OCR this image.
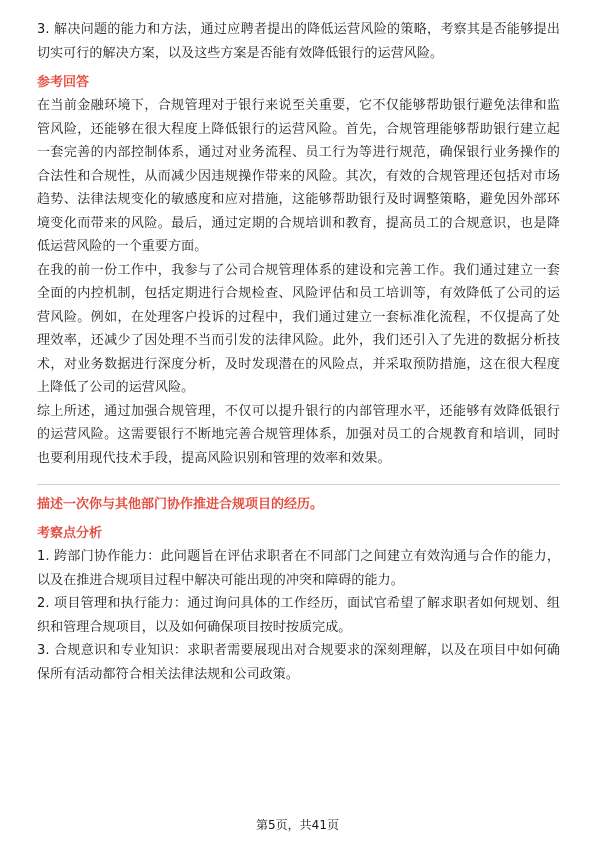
3. 解决问题的能力和方法，通过应聘者提出的降低运营风险的策略，考察其是否能够提出切实可行的解决方案，以及这些方案是否能有效降低银行的运营风险。

参考回答

在当前金融环境下，合规管理对于银行来说至关重要，它不仅能够帮助银行避免法律和监管风险，还能够在很大程度上降低银行的运营风险。首先，合规管理能够帮助银行建立起一套完善的内部控制体系，通过对业务流程、员工行为等进行规范，确保银行业务操作的合法性和合规性，从而减少因违规操作带来的风险。其次，有效的合规管理还包括对市场趋势、法律法规变化的敏感度和应对措施，这能够帮助银行及时调整策略，避免因外部环境变化而带来的风险。最后，通过定期的合规培训和教育，提高员工的合规意识，也是降低运营风险的一个重要方面。

在我的前一份工作中，我参与了公司合规管理体系的建设和完善工作。我们通过建立一套全面的内控机制，包括定期进行合规检查、风险评估和员工培训等，有效降低了公司的运营风险。例如，在处理客户投诉的过程中，我们通过建立一套标准化流程，不仅提高了处理效率，还减少了因处理不当而引发的法律风险。此外，我们还引入了先进的数据分析技术，对业务数据进行深度分析，及时发现潜在的风险点，并采取预防措施，这在很大程度上降低了公司的运营风险。

综上所述，通过加强合规管理，不仅可以提升银行的内部管理水平，还能够有效降低银行的运营风险。这需要银行不断地完善合规管理体系，加强对员工的合规教育和培训，同时也要利用现代技术手段，提高风险识别和管理的效率和效果。

描述一次你与其他部门协作推进合规项目的经历。
考察点分析

1. 跨部门协作能力：此问题旨在评估求职者在不同部门之间建立有效沟通与合作的能力，以及在推进合规项目过程中解决可能出现的冲突和障碍的能力。

2. 项目管理和执行能力：通过询问具体的工作经历，面试官希望了解求职者如何规划、组织和管理合规项目，以及如何确保项目按时按质完成。

3. 合规意识和专业知识：求职者需要展现出对合规要求的深刻理解，以及在项目中如何确保所有活动都符合相关法律法规和公司政策。

第5页，共41页
